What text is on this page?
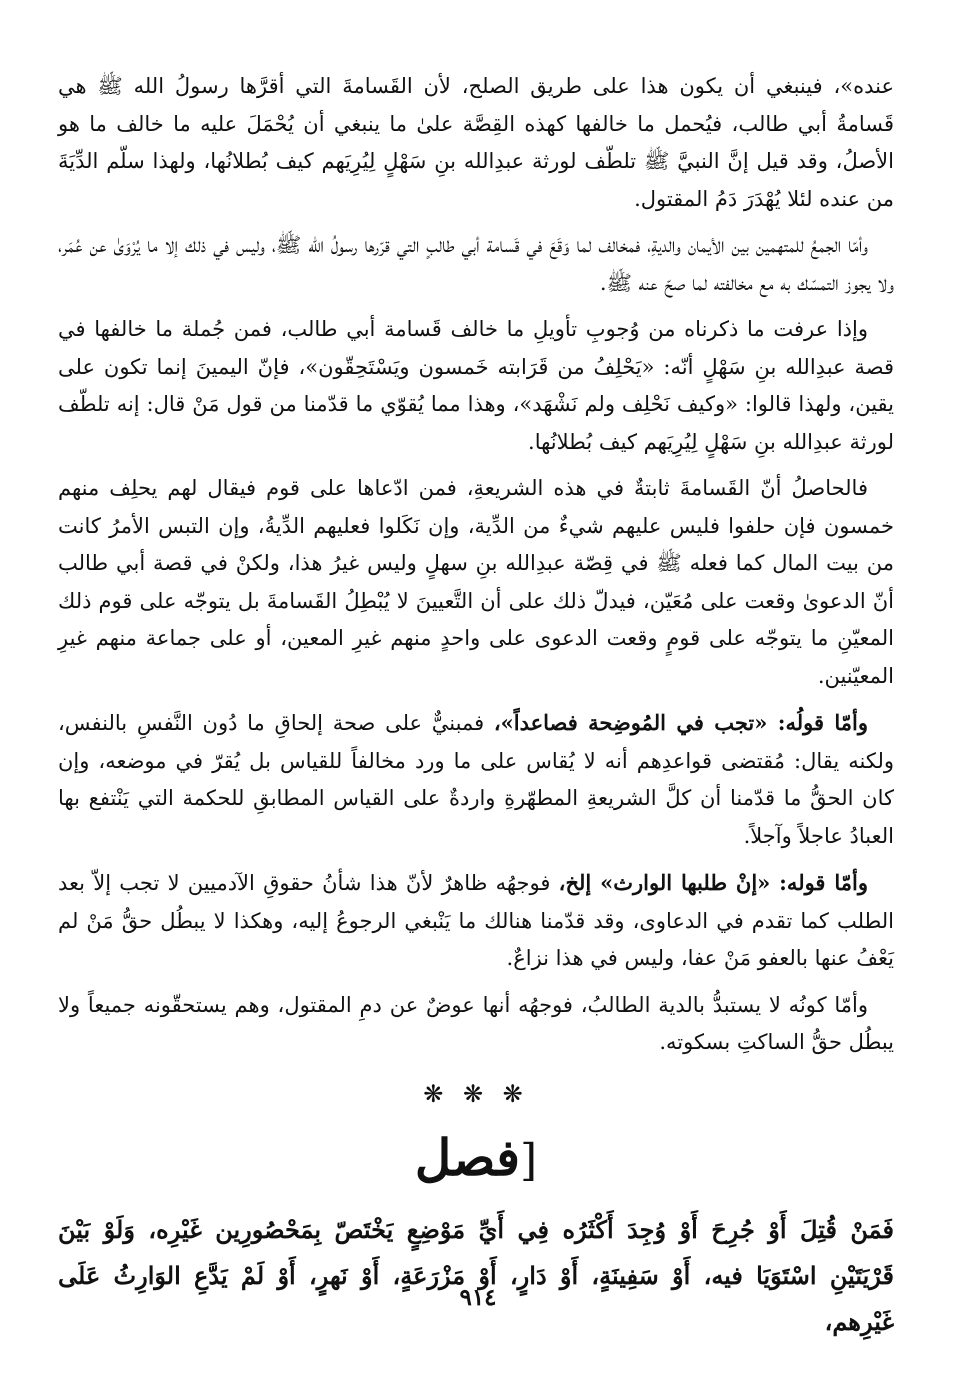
عنده»، فينبغي أن يكون هذا على طريق الصلح، لأن القَسامةَ التي أقرَّها رسولُ الله ﷺ هي قَسامةُ أبي طالب، فيُحمل ما خالفها كهذه القِصَّة علىٰ ما ينبغي أن يُحْمَلَ عليه ما خالف ما هو الأصلُ، وقد قيل إنَّ النبيَّ ﷺ تلطّف لورثة عبدِالله بنِ سَهْلٍ لِيُرِيَهم كيف بُطلانُها، ولهذا سلّم الدِّيَةَ من عنده لئلا يُهْدَرَ دَمُ المقتول.

وأمّا الجمعُ للمتهمين بين الأيمان والديةِ، فمخالف لما وَقَعَ في قَسامة أبي طالبٍ التي قرّرها رسولُ الله ﷺ، وليس في ذلك إلا ما يُرْوَىٰ عن عُمَر، ولا يجوز التمسّك به مع مخالفته لما صحّ عنه ﷺ.

وإذا عرفت ما ذكرناه من وُجوبِ تأويلِ ما خالف قَسامة أبي طالب، فمن جُملة ما خالفها في قصة عبدِالله بنِ سَهْلٍ أنّه: «يَحْلِفُ من قَرَابته خَمسون ويَسْتَحِقّون»، فإنّ اليمينَ إنما تكون على يقين، ولهذا قالوا: «وكيف نَحْلِف ولم نَشْهَد»، وهذا مما يُقوّي ما قدّمنا من قول مَنْ قال: إنه تلطّف لورثة عبدِالله بنِ سَهْلٍ لِيُرِيَهم كيف بُطلانُها.

فالحاصلُ أنّ القَسامةَ ثابتةٌ في هذه الشريعةِ، فمن ادّعاها على قوم فيقال لهم يحلِف منهم خمسون فإن حلفوا فليس عليهم شيءٌ من الدِّية، وإن نَكَلوا فعليهم الدِّيةُ، وإن التبس الأمرُ كانت من بيت المال كما فعله ﷺ في قِصّة عبدِالله بنِ سهلٍ وليس غيرُ هذا، ولكنْ في قصة أبي طالب أنّ الدعوىٰ وقعت على مُعَيّن، فيدلّ ذلك على أن التَّعيينَ لا يُبْطِلُ القَسامةَ بل يتوجّه على قوم ذلك المعيّنِ ما يتوجّه على قومٍ وقعت الدعوى على واحدٍ منهم غيرِ المعين، أو على جماعة منهم غيرِ المعيّنين.

وأمّا قولُه: «تجب في المُوضِحة فصاعداً»، فمبنيٌّ على صحة إلحاقِ ما دُون النَّفسِ بالنفس، ولكنه يقال: مُقتضى قواعدِهم أنه لا يُقاس على ما ورد مخالفاً للقياس بل يُقرّ في موضعه، وإن كان الحقُّ ما قدّمنا أن كلَّ الشريعةِ المطهّرةِ واردةٌ على القياس المطابقِ للحكمة التي يَنْتفع بها العبادُ عاجلاً وآجلاً.

وأمّا قوله: «إنْ طلبها الوارث» إلخ، فوجهُه ظاهرٌ لأنّ هذا شأنُ حقوقِ الآدميين لا تجب إلاّ بعد الطلب كما تقدم في الدعاوى، وقد قدّمنا هنالك ما يَنْبغي الرجوعُ إليه، وهكذا لا يبطُل حقُّ مَنْ لم يَعْفُ عنها بالعفو مَنْ عفا، وليس في هذا نزاعٌ.

وأمّا كونُه لا يستبدُّ بالدية الطالبُ، فوجهُه أنها عوضٌ عن دمِ المقتول، وهم يستحقّونه جميعاً ولا يبطُل حقُّ الساكتِ بسكوته.

❋ ❋ ❋
[فصل

فَمَنْ قُتِلَ أَوْ جُرِحَ أَوْ وُجِدَ أَكْثَرُه فِي أَيِّ مَوْضِعٍ يَخْتَصّ بِمَحْصُورِين غَيْرِه، وَلَوْ بَيْنَ قَرْيَتَيْنِ اسْتَوَيَا فيه، أَوْ سَفِينَةٍ، أَوْ دَارٍ، أَوْ مَزْرَعَةٍ، أَوْ نَهرٍ، أَوْ لَمْ يَدَّعِ الوَارِثُ عَلَى غَيْرِهم،

٩١٤
